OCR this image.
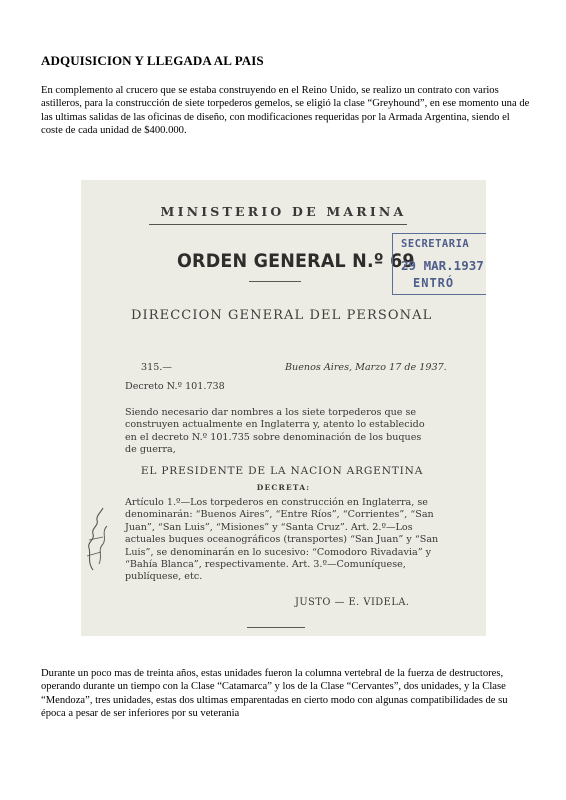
ADQUISICION Y LLEGADA AL PAIS

En complemento al crucero que se estaba construyendo en el Reino Unido, se realizo un contrato con varios astilleros, para la construcción de siete torpederos gemelos, se eligió la clase “Greyhound”, en ese momento una de las ultimas salidas de las oficinas de diseño, con modificaciones requeridas por la Armada Argentina, siendo el coste de cada unidad de $400.000.

MINISTERIO DE MARINA
ORDEN GENERAL N.º 69
SECRETARIA
29 MAR.1937
ENTRÓ
DIRECCION GENERAL DEL PERSONAL
315.—	Buenos Aires, Marzo 17 de 1937.
Decreto N.º 101.738
Siendo necesario dar nombres a los siete torpederos que se construyen actualmente en Inglaterra y, atento lo establecido en el decreto N.º 101.735 sobre denominación de los buques de guerra,
EL PRESIDENTE DE LA NACION ARGENTINA
DECRETA:
Artículo 1.º—Los torpederos en construcción en Inglaterra, se denominarán: “Buenos Aires”, “Entre Ríos”, “Corrientes”, “San Juan”, “San Luis”, “Misiones” y “Santa Cruz”. Art. 2.º—Los actuales buques oceanográficos (transportes) “San Juan” y “San Luis”, se denominarán en lo sucesivo: “Comodoro Rivadavia” y “Bahía Blanca”, respectivamente. Art. 3.º—Comuníquese, publíquese, etc.
JUSTO — E. VIDELA.

Durante un poco mas de treinta años, estas unidades fueron la columna vertebral de la fuerza de destructores, operando durante un tiempo con la Clase “Catamarca” y los de la Clase “Cervantes”, dos unidades, y la Clase “Mendoza”, tres unidades, estas dos ultimas emparentadas en cierto modo con algunas compatibilidades de su época a pesar de ser inferiores por su veterania
